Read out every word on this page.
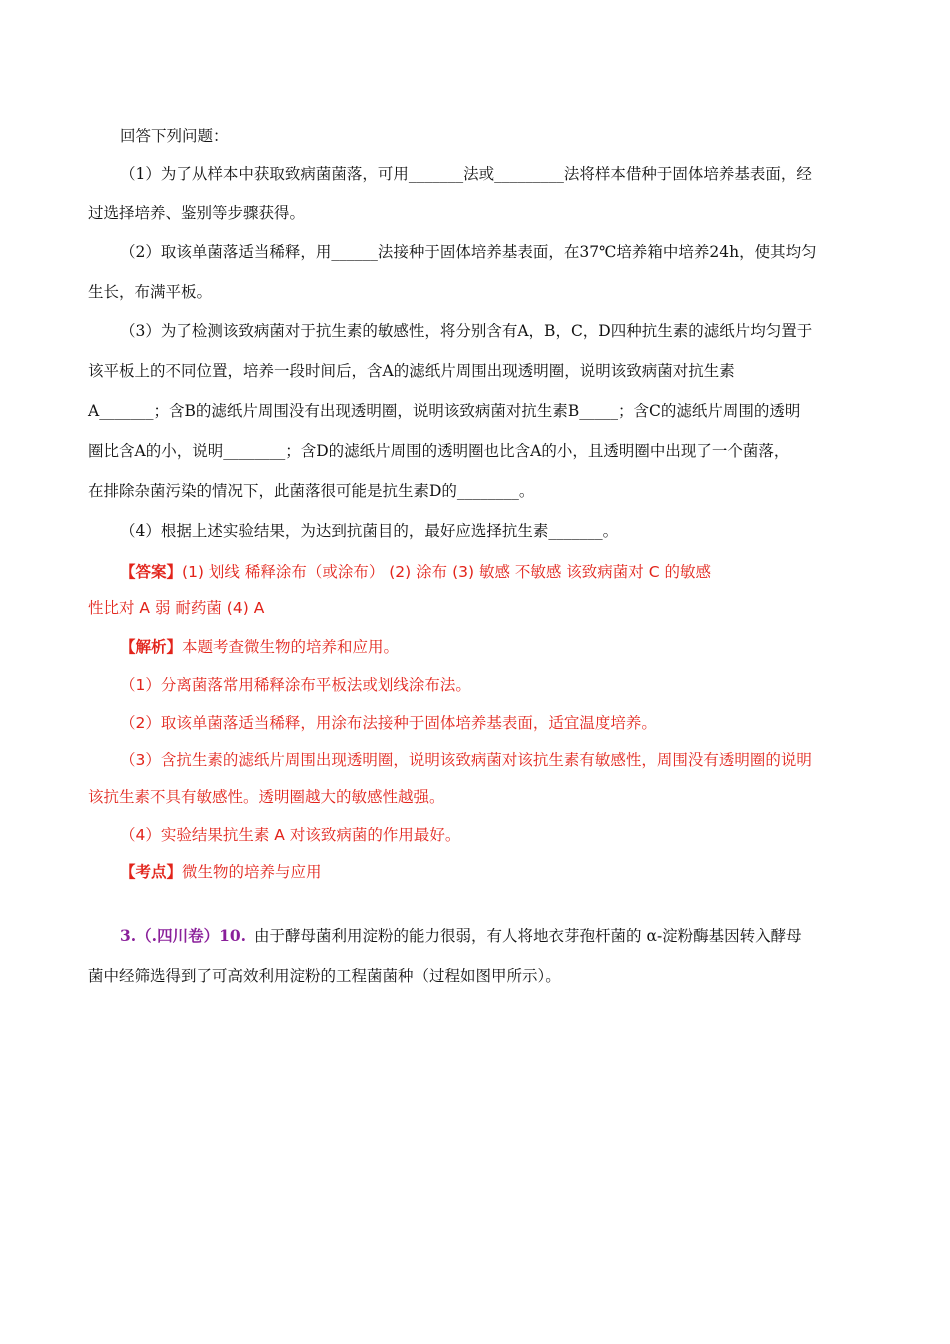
回答下列问题：
（1）为了从样本中获取致病菌菌落，可用_______法或_________法将样本借种于固体培养基表面，经
过选择培养、鉴别等步骤获得。
（2）取该单菌落适当稀释，用______法接种于固体培养基表面，在37℃培养箱中培养24h，使其均匀
生长，布满平板。
（3）为了检测该致病菌对于抗生素的敏感性，将分别含有A，B，C，D四种抗生素的滤纸片均匀置于
该平板上的不同位置，培养一段时间后，含A的滤纸片周围出现透明圈，说明该致病菌对抗生素
A_______；含B的滤纸片周围没有出现透明圈，说明该致病菌对抗生素B_____；含C的滤纸片周围的透明
圈比含A的小，说明________；含D的滤纸片周围的透明圈也比含A的小，且透明圈中出现了一个菌落，
在排除杂菌污染的情况下，此菌落很可能是抗生素D的________。
（4）根据上述实验结果，为达到抗菌目的，最好应选择抗生素_______。
【答案】(1) 划线 稀释涂布（或涂布） (2) 涂布 (3) 敏感 不敏感 该致病菌对 C 的敏感
性比对 A 弱 耐药菌 (4) A
【解析】本题考查微生物的培养和应用。
（1）分离菌落常用稀释涂布平板法或划线涂布法。
（2）取该单菌落适当稀释，用涂布法接种于固体培养基表面，适宜温度培养。
（3）含抗生素的滤纸片周围出现透明圈，说明该致病菌对该抗生素有敏感性，周围没有透明圈的说明
该抗生素不具有敏感性。透明圈越大的敏感性越强。
（4）实验结果抗生素 A 对该致病菌的作用最好。
【考点】微生物的培养与应用
3.（.四川卷）10. 由于酵母菌利用淀粉的能力很弱，有人将地衣芽孢杆菌的 α-淀粉酶基因转入酵母
菌中经筛选得到了可高效利用淀粉的工程菌菌种（过程如图甲所示）。
